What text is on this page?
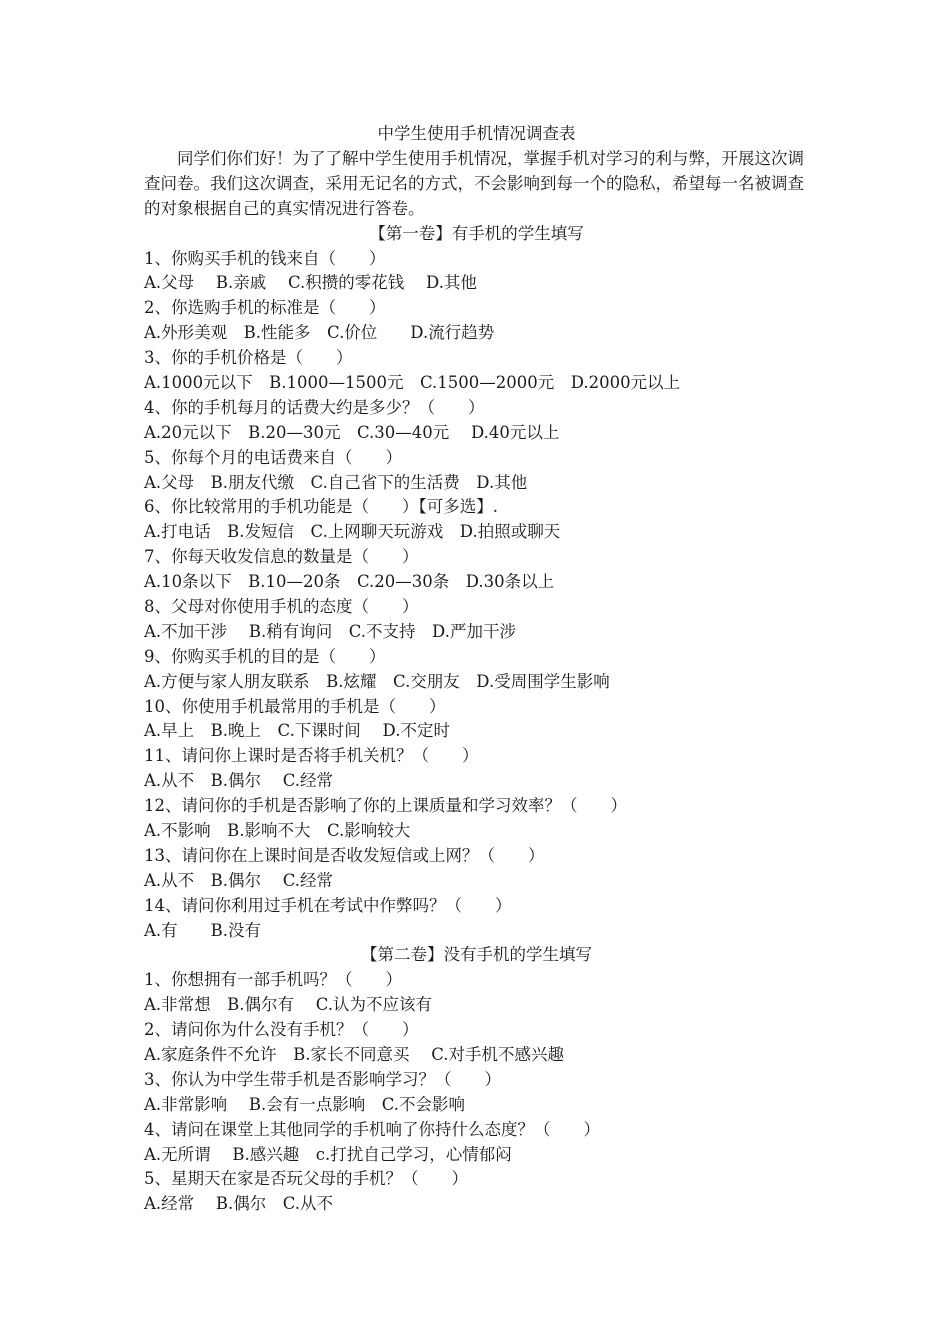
中学生使用手机情况调查表
同学们你们好！为了了解中学生使用手机情况，掌握手机对学习的利与弊，开展这次调查问卷。我们这次调查，采用无记名的方式，不会影响到每一个的隐私，希望每一名被调查的对象根据自己的真实情况进行答卷。
【第一卷】有手机的学生填写
1、你购买手机的钱来自（　　）
A.父母　 B.亲戚　 C.积攒的零花钱　 D.其他
2、你选购手机的标准是（　　）
A.外形美观　B.性能多　C.价位　　D.流行趋势
3、你的手机价格是（　　）
A.1000元以下　B.1000—1500元　C.1500—2000元　D.2000元以上
4、你的手机每月的话费大约是多少？（　　）
A.20元以下　B.20—30元　C.30—40元　 D.40元以上
5、你每个月的电话费来自（　　）
A.父母　B.朋友代缴　C.自己省下的生活费　D.其他
6、你比较常用的手机功能是（　　）【可多选】.
A.打电话　B.发短信　C.上网聊天玩游戏　D.拍照或聊天
7、你每天收发信息的数量是（　　）
A.10条以下　B.10—20条　C.20—30条　D.30条以上
8、父母对你使用手机的态度（　　）
A.不加干涉　 B.稍有询问　C.不支持　D.严加干涉
9、你购买手机的目的是（　　）
A.方便与家人朋友联系　B.炫耀　C.交朋友　D.受周围学生影响
10、你使用手机最常用的手机是（　　）
A.早上　B.晚上　C.下课时间　 D.不定时
11、请问你上课时是否将手机关机？（　　）
A.从不　B.偶尔　 C.经常
12、请问你的手机是否影响了你的上课质量和学习效率？（　　）
A.不影响　B.影响不大　C.影响较大
13、请问你在上课时间是否收发短信或上网？（　　）
A.从不　B.偶尔　 C.经常
14、请问你利用过手机在考试中作弊吗？（　　）
A.有　　B.没有
【第二卷】没有手机的学生填写
1、你想拥有一部手机吗？（　　）
A.非常想　B.偶尔有　 C.认为不应该有
2、请问你为什么没有手机？（　　）
A.家庭条件不允许　B.家长不同意买　 C.对手机不感兴趣
3、你认为中学生带手机是否影响学习？（　　）
A.非常影响　 B.会有一点影响　C.不会影响
4、请问在课堂上其他同学的手机响了你持什么态度？（　　）
A.无所谓　 B.感兴趣　c.打扰自己学习，心情郁闷
5、星期天在家是否玩父母的手机？（　　）
A.经常　 B.偶尔　C.从不
